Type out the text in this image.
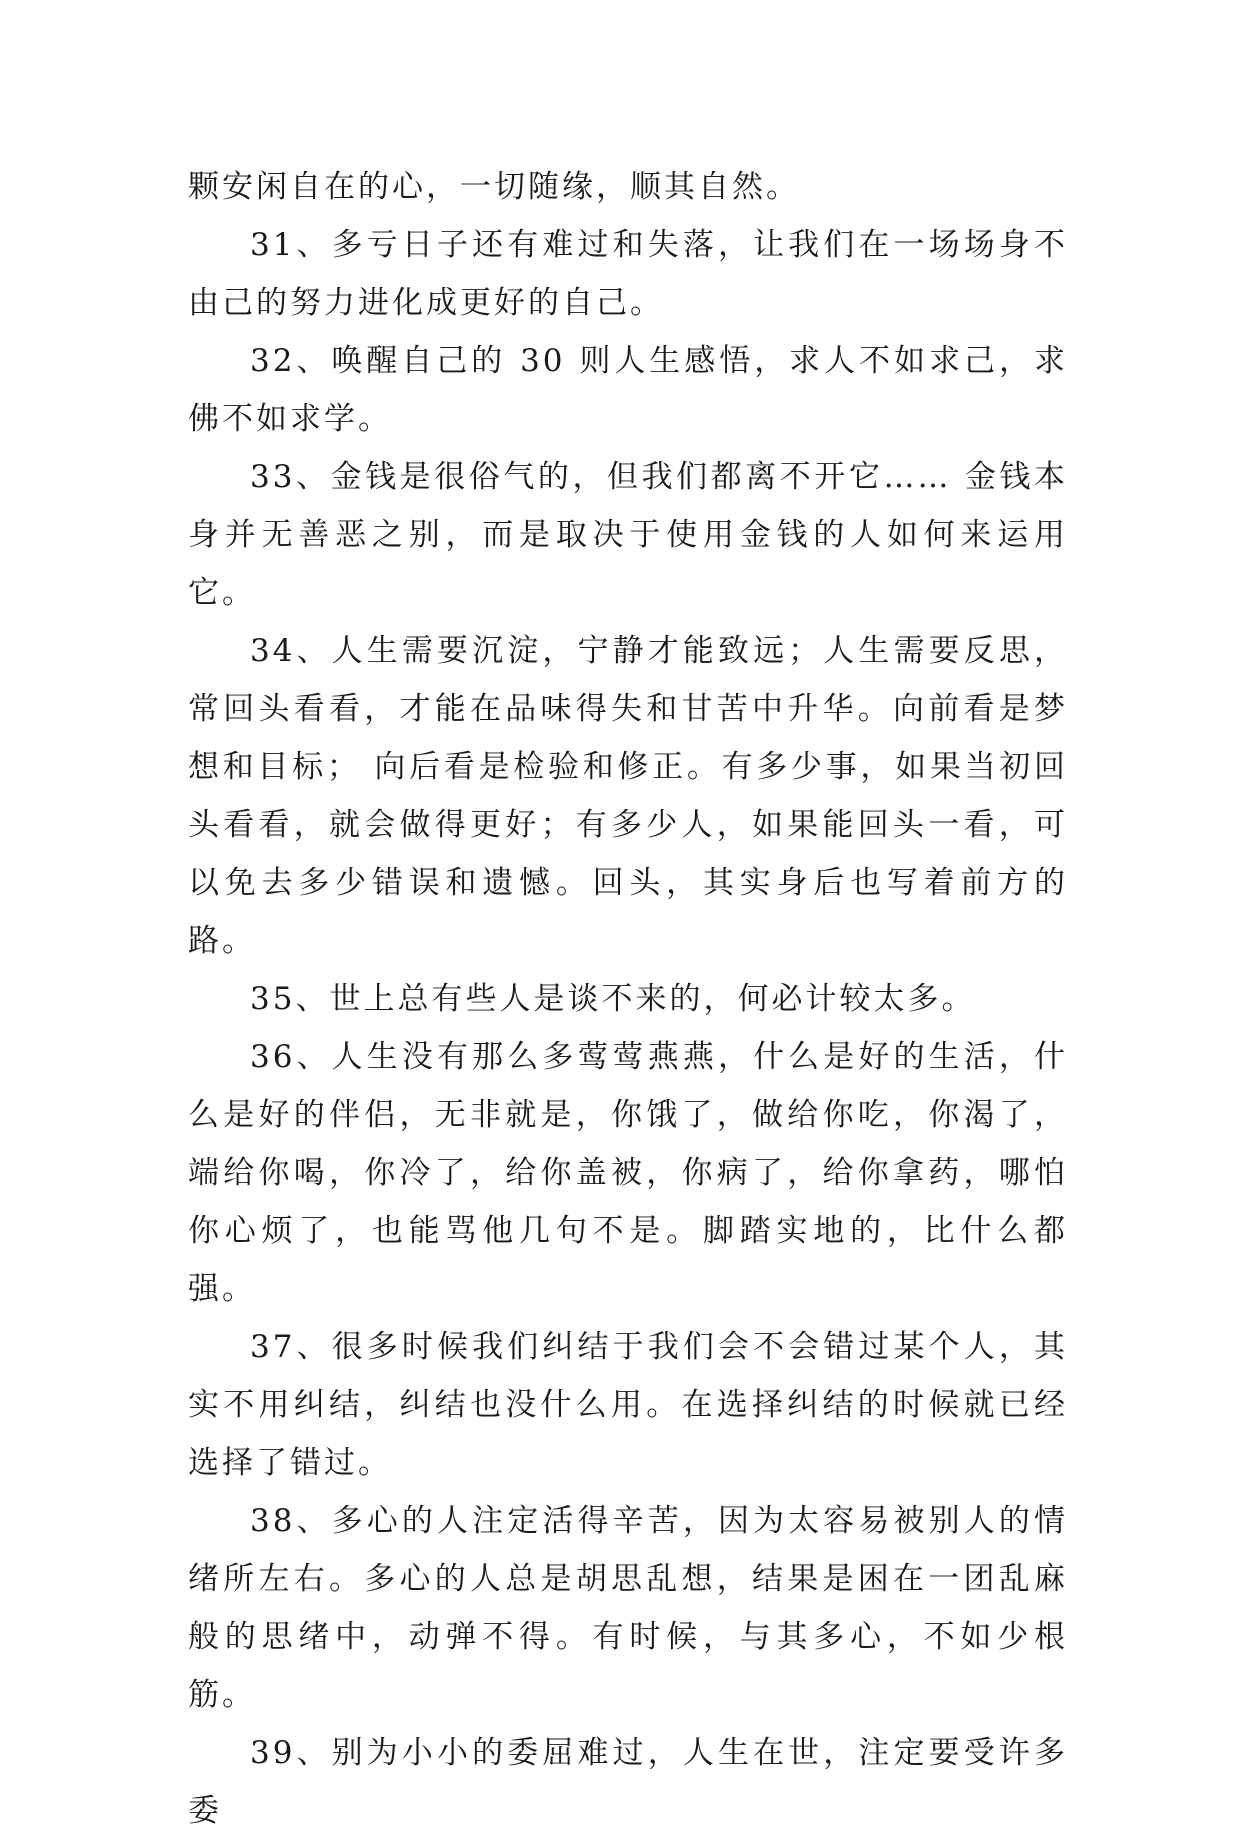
颗安闲自在的心，一切随缘，顺其自然。

31、多亏日子还有难过和失落，让我们在一场场身不由己的努力进化成更好的自己。

32、唤醒自己的 30 则人生感悟，求人不如求己，求佛不如求学。

33、金钱是很俗气的，但我们都离不开它…… 金钱本身并无善恶之别，而是取决于使用金钱的人如何来运用它。

34、人生需要沉淀，宁静才能致远；人生需要反思，常回头看看，才能在品味得失和甘苦中升华。向前看是梦想和目标； 向后看是检验和修正。有多少事，如果当初回头看看，就会做得更好；有多少人，如果能回头一看，可以免去多少错误和遗憾。回头，其实身后也写着前方的路。

35、世上总有些人是谈不来的，何必计较太多。

36、人生没有那么多莺莺燕燕，什么是好的生活，什么是好的伴侣，无非就是，你饿了，做给你吃，你渴了，端给你喝，你冷了，给你盖被，你病了，给你拿药，哪怕你心烦了，也能骂他几句不是。脚踏实地的，比什么都强。

37、很多时候我们纠结于我们会不会错过某个人，其实不用纠结，纠结也没什么用。在选择纠结的时候就已经选择了错过。

38、多心的人注定活得辛苦，因为太容易被别人的情绪所左右。多心的人总是胡思乱想，结果是困在一团乱麻般的思绪中，动弹不得。有时候，与其多心，不如少根筋。

39、别为小小的委屈难过，人生在世，注定要受许多委
